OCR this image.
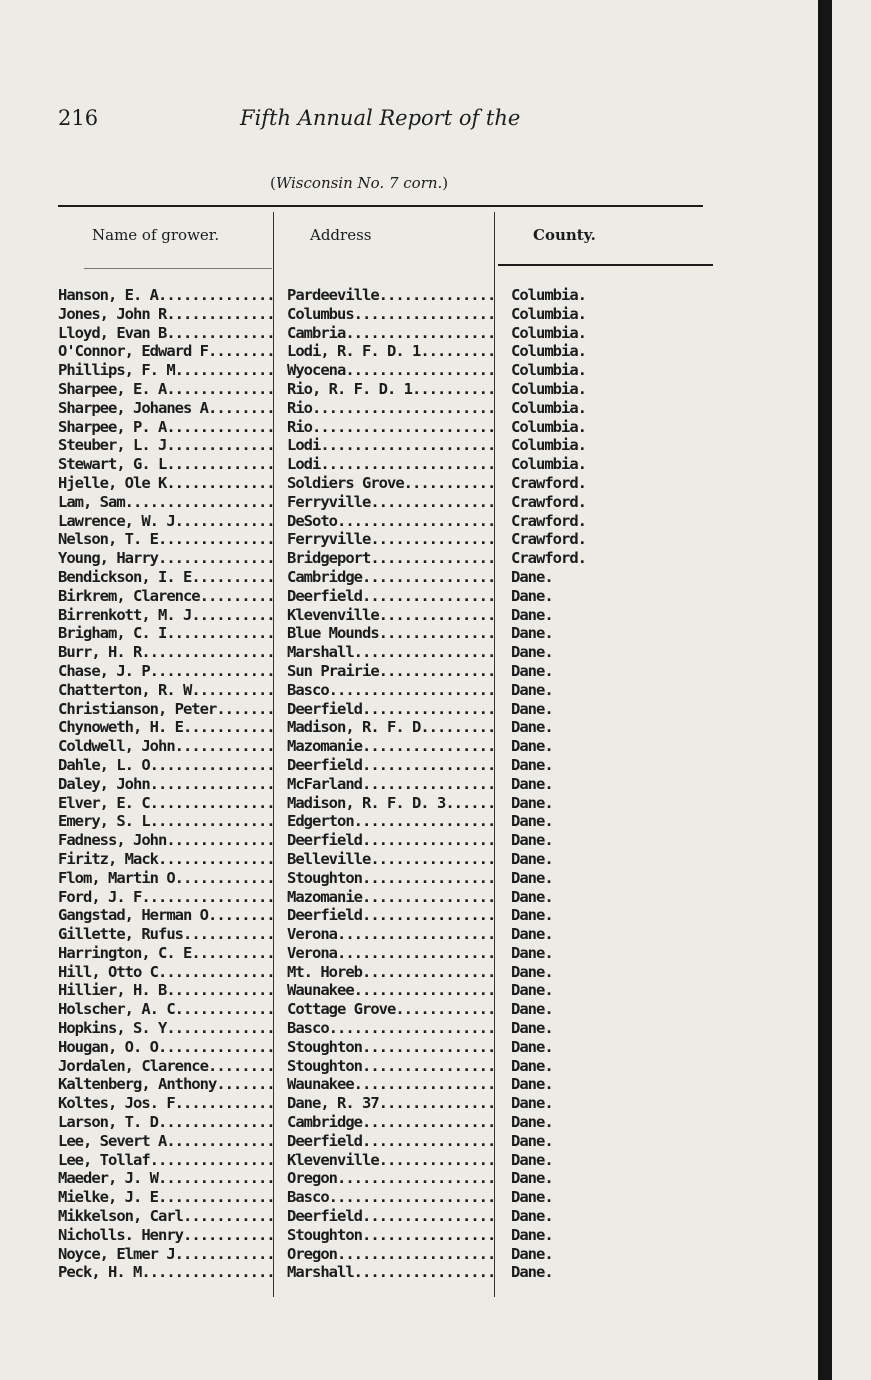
216	Fifth Annual Report of the
(Wisconsin No. 7 corn.)
Name of grower.	Address	County.
Hanson, E. A .....	Pardeeville .....	Columbia.
Jones, John R .....	Columbus .....	Columbia.
Lloyd, Evan B .....	Cambria .....	Columbia.
O'Connor, Edward F .....	Lodi, R. F. D. 1 .....	Columbia.
Phillips, F. M .....	Wyocena .....	Columbia.
Sharpee, E. A .....	Rio, R. F. D. 1 .....	Columbia.
Sharpee, Johanes A .....	Rio .....	Columbia.
Sharpee, P. A .....	Rio .....	Columbia.
Steuber, L. J .....	Lodi .....	Columbia.
Stewart, G. L .....	Lodi .....	Columbia.
Hjelle, Ole K .....	Soldiers Grove .....	Crawford.
Lam, Sam .....	Ferryville .....	Crawford.
Lawrence, W. J .....	DeSoto .....	Crawford.
Nelson, T. E .....	Ferryville .....	Crawford.
Young, Harry .....	Bridgeport .....	Crawford.
Bendickson, I. E .....	Cambridge .....	Dane.
Birkrem, Clarence .....	Deerfield .....	Dane.
Birrenkott, M. J .....	Klevenville .....	Dane.
Brigham, C. I .....	Blue Mounds .....	Dane.
Burr, H. R .....	Marshall .....	Dane.
Chase, J. P .....	Sun Prairie .....	Dane.
Chatterton, R. W .....	Basco .....	Dane.
Christianson, Peter .....	Deerfield .....	Dane.
Chynoweth, H. E .....	Madison, R. F. D .....	Dane.
Coldwell, John .....	Mazomanie .....	Dane.
Dahle, L. O .....	Deerfield .....	Dane.
Daley, John .....	McFarland .....	Dane.
Elver, E. C .....	Madison, R. F. D. 3 .....	Dane.
Emery, S. L .....	Edgerton .....	Dane.
Fadness, John .....	Deerfield .....	Dane.
Firitz, Mack .....	Belleville .....	Dane.
Flom, Martin O .....	Stoughton .....	Dane.
Ford, J. F .....	Mazomanie .....	Dane.
Gangstad, Herman O .....	Deerfield .....	Dane.
Gillette, Rufus .....	Verona .....	Dane.
Harrington, C. E .....	Verona .....	Dane.
Hill, Otto C .....	Mt. Horeb .....	Dane.
Hillier, H. B .....	Waunakee .....	Dane.
Holscher, A. C .....	Cottage Grove .....	Dane.
Hopkins, S. Y .....	Basco .....	Dane.
Hougan, O. O .....	Stoughton .....	Dane.
Jordalen, Clarence .....	Stoughton .....	Dane.
Kaltenberg, Anthony .....	Waunakee .....	Dane.
Koltes, Jos. F .....	Dane, R. 37 .....	Dane.
Larson, T. D .....	Cambridge .....	Dane.
Lee, Severt A .....	Deerfield .....	Dane.
Lee, Tollaf .....	Klevenville .....	Dane.
Maeder, J. W .....	Oregon .....	Dane.
Mielke, J. E .....	Basco .....	Dane.
Mikkelson, Carl .....	Deerfield .....	Dane.
Nicholls. Henry .....	Stoughton .....	Dane.
Noyce, Elmer J .....	Oregon .....	Dane.
Peck, H. M .....	Marshall .....	Dane.
